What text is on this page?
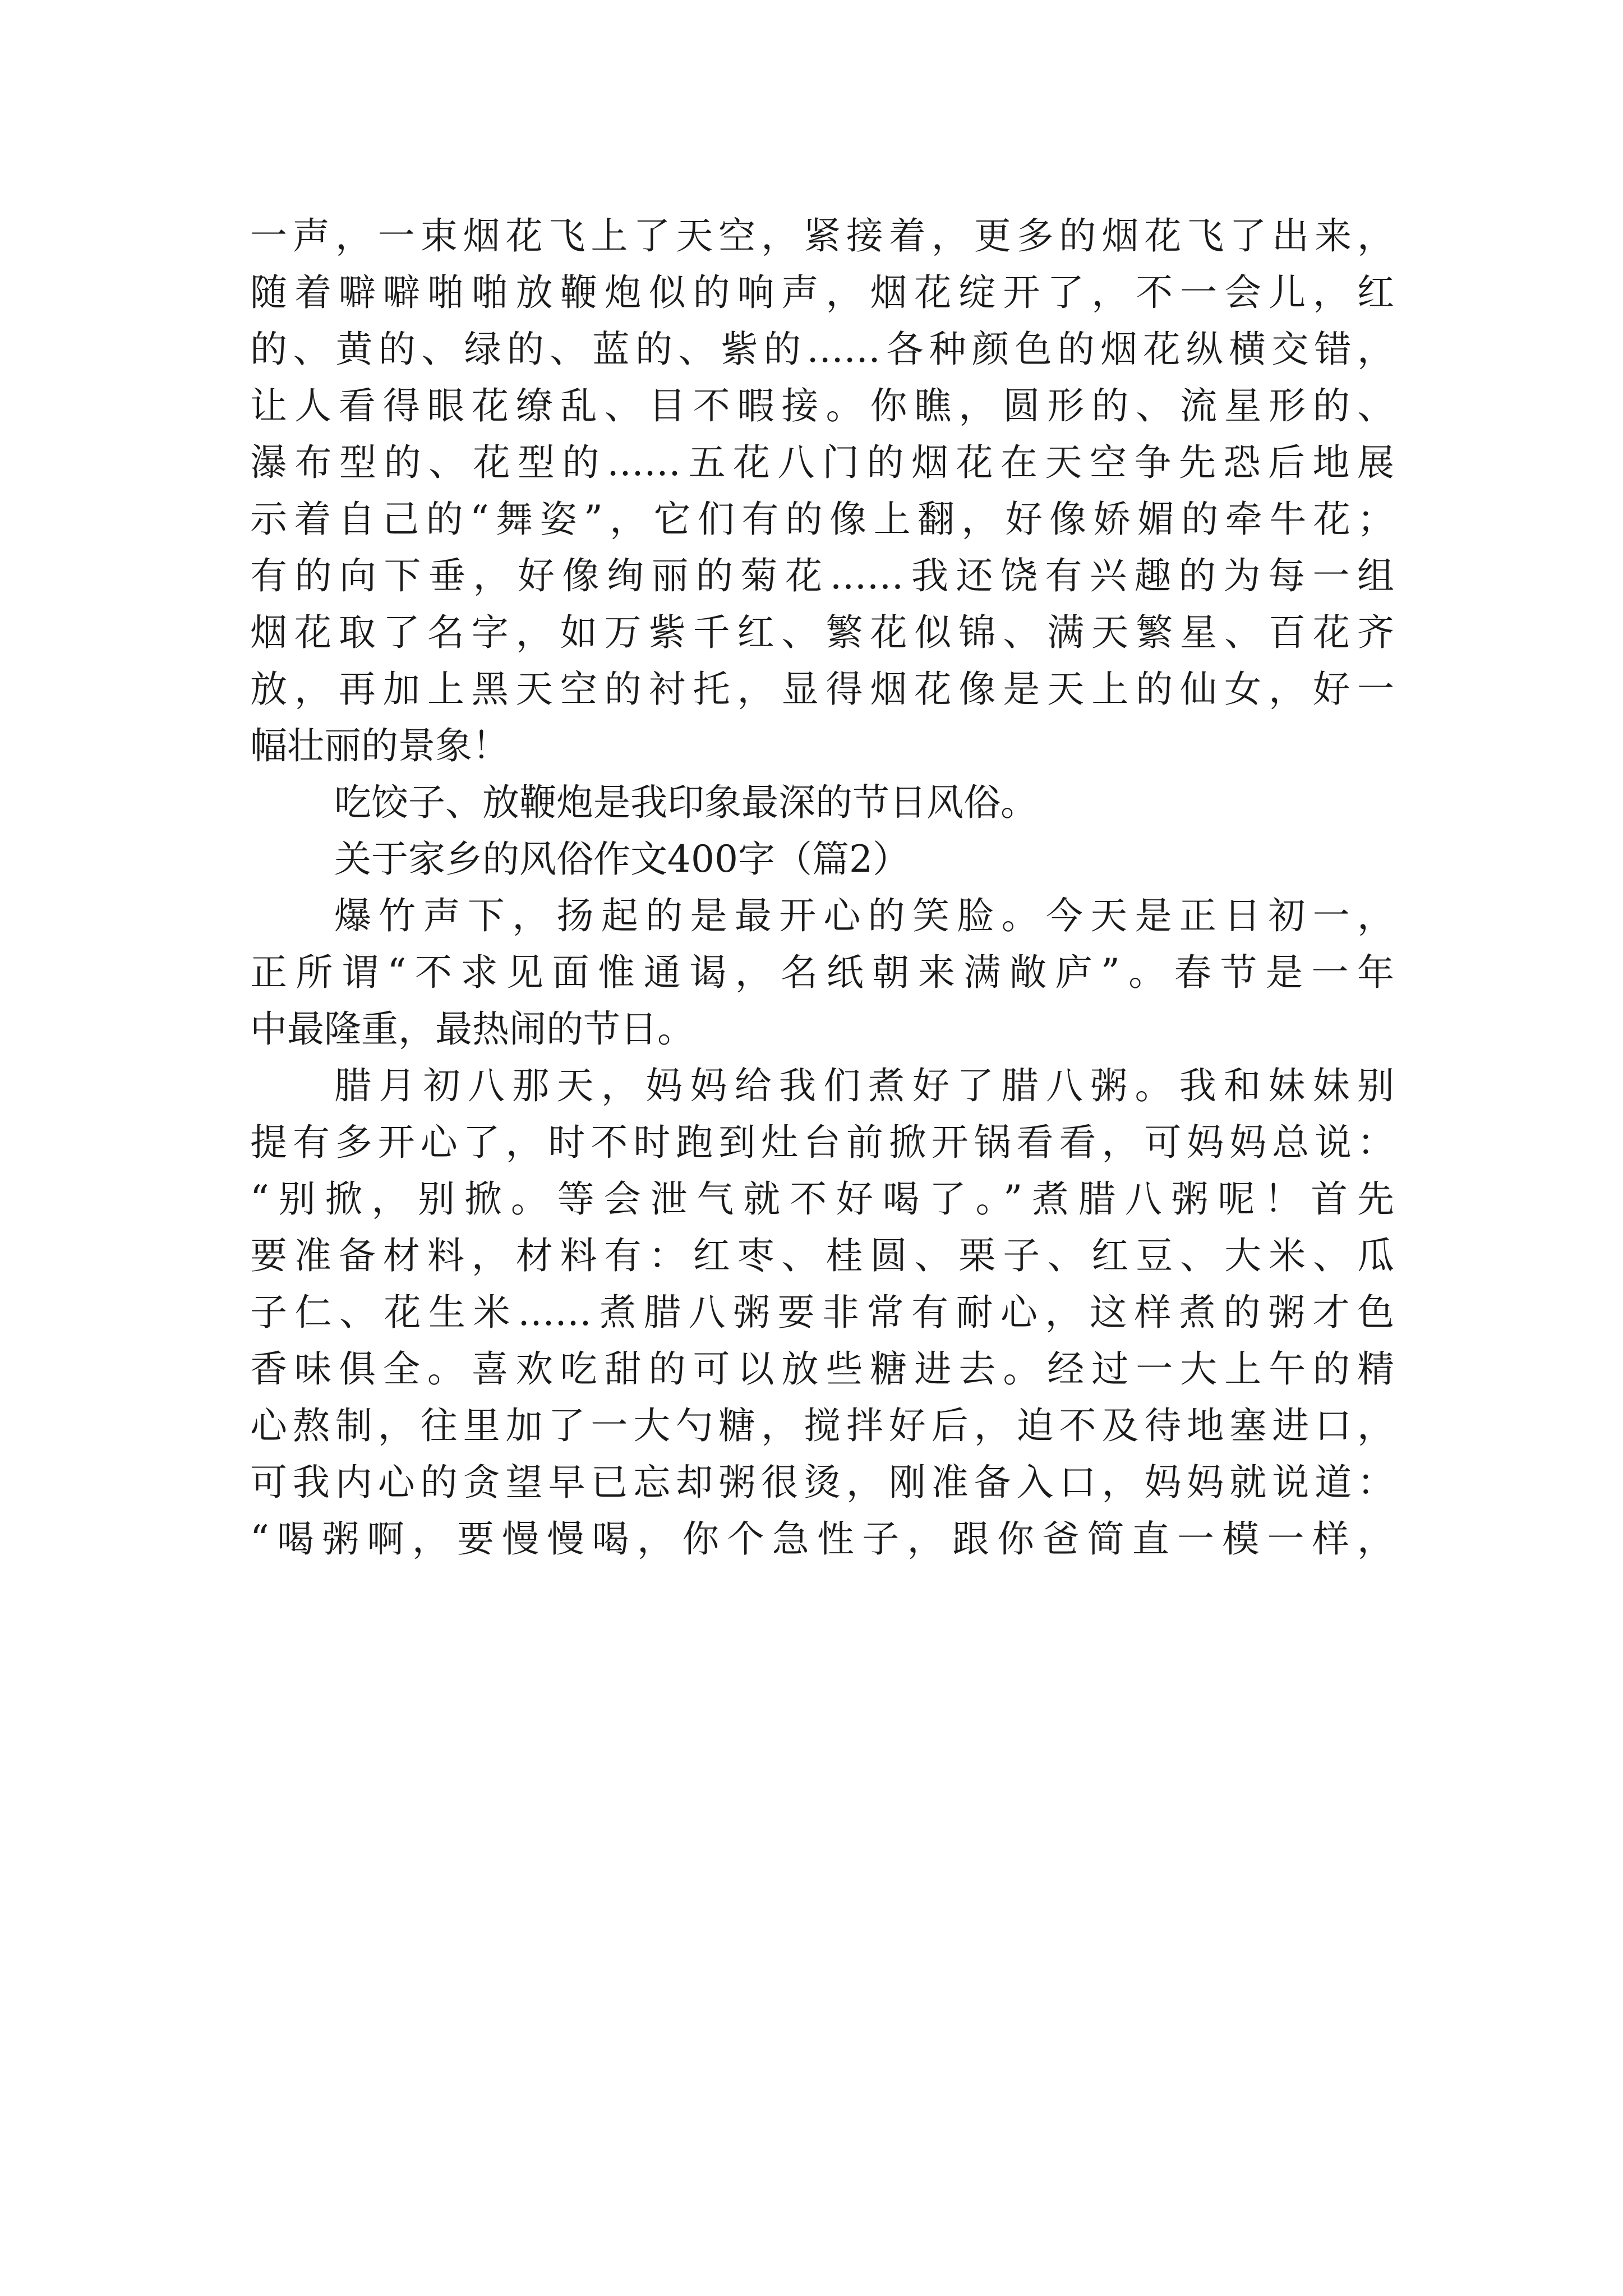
一声，一束烟花飞上了天空，紧接着，更多的烟花飞了出来，
随着噼噼啪啪放鞭炮似的响声，烟花绽开了，不一会儿，红
的、黄的、绿的、蓝的、紫的……各种颜色的烟花纵横交错，
让人看得眼花缭乱、目不暇接。你瞧，圆形的、流星形的、
瀑布型的、花型的……五花八门的烟花在天空争先恐后地展
示着自己的“舞姿”，它们有的像上翻，好像娇媚的牵牛花；
有的向下垂，好像绚丽的菊花……我还饶有兴趣的为每一组
烟花取了名字，如万紫千红、繁花似锦、满天繁星、百花齐
放，再加上黑天空的衬托，显得烟花像是天上的仙女，好一
幅壮丽的景象！
吃饺子、放鞭炮是我印象最深的节日风俗。
关于家乡的风俗作文400字（篇2）
爆竹声下，扬起的是最开心的笑脸。今天是正日初一，
正所谓“不求见面惟通谒，名纸朝来满敞庐”。春节是一年
中最隆重，最热闹的节日。
腊月初八那天，妈妈给我们煮好了腊八粥。我和妹妹别
提有多开心了，时不时跑到灶台前掀开锅看看，可妈妈总说：
“别掀，别掀。等会泄气就不好喝了。”煮腊八粥呢！首先
要准备材料，材料有：红枣、桂圆、栗子、红豆、大米、瓜
子仁、花生米……煮腊八粥要非常有耐心，这样煮的粥才色
香味俱全。喜欢吃甜的可以放些糖进去。经过一大上午的精
心熬制，往里加了一大勺糖，搅拌好后，迫不及待地塞进口，
可我内心的贪望早已忘却粥很烫，刚准备入口，妈妈就说道：
“喝粥啊，要慢慢喝，你个急性子，跟你爸简直一模一样，
